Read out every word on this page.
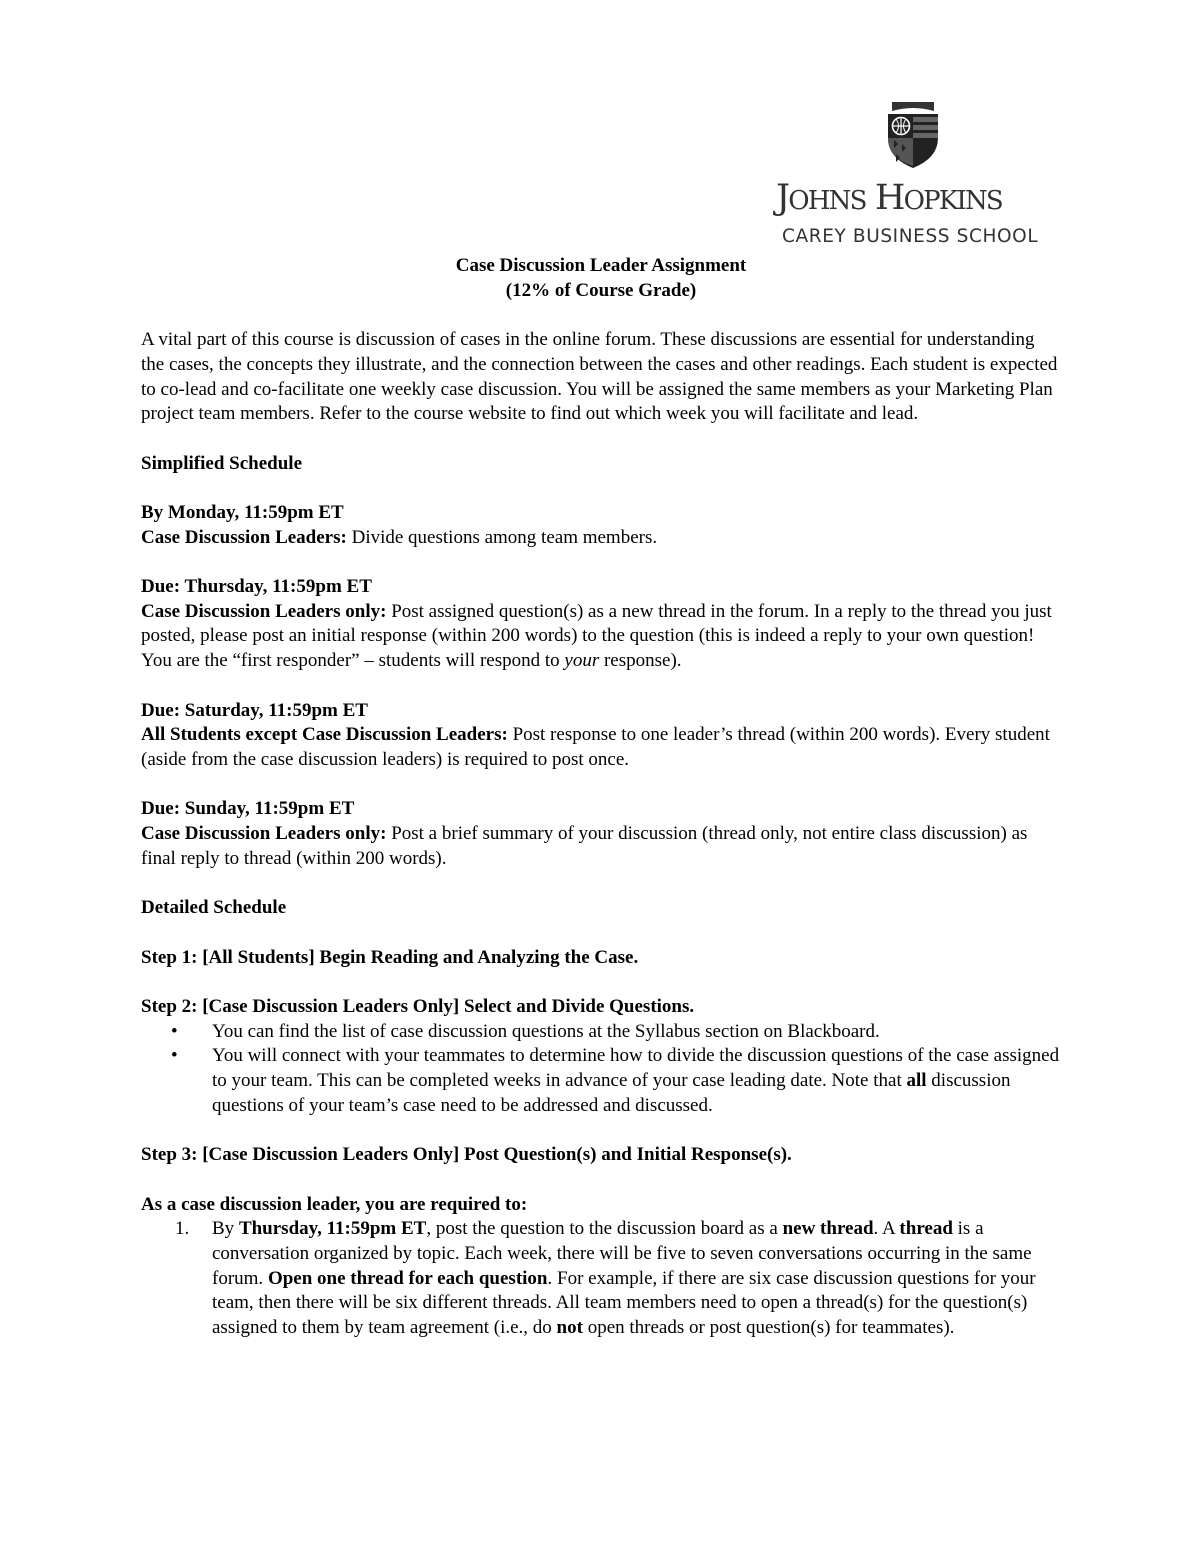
JOHNS HOPKINS
CAREY BUSINESS SCHOOL

Case Discussion Leader Assignment

(12% of Course Grade)

A vital part of this course is discussion of cases in the online forum. These discussions are essential for understanding the cases, the concepts they illustrate, and the connection between the cases and other readings. Each student is expected to co-lead and co-facilitate one weekly case discussion. You will be assigned the same members as your Marketing Plan project team members. Refer to the course website to find out which week you will facilitate and lead.

Simplified Schedule

By Monday, 11:59pm ET

Case Discussion Leaders: Divide questions among team members.

Due: Thursday, 11:59pm ET

Case Discussion Leaders only: Post assigned question(s) as a new thread in the forum. In a reply to the thread you just posted, please post an initial response (within 200 words) to the question (this is indeed a reply to your own question! You are the “first responder” – students will respond to your response).

Due: Saturday, 11:59pm ET

All Students except Case Discussion Leaders: Post response to one leader’s thread (within 200 words). Every student (aside from the case discussion leaders) is required to post once.

Due: Sunday, 11:59pm ET

Case Discussion Leaders only: Post a brief summary of your discussion (thread only, not entire class discussion) as final reply to thread (within 200 words).

Detailed Schedule

Step 1: [All Students] Begin Reading and Analyzing the Case.

Step 2: [Case Discussion Leaders Only] Select and Divide Questions.

• You can find the list of case discussion questions at the Syllabus section on Blackboard.
• You will connect with your teammates to determine how to divide the discussion questions of the case assigned to your team. This can be completed weeks in advance of your case leading date. Note that all discussion questions of your team’s case need to be addressed and discussed.

Step 3: [Case Discussion Leaders Only] Post Question(s) and Initial Response(s).

As a case discussion leader, you are required to:

1. By Thursday, 11:59pm ET, post the question to the discussion board as a new thread. A thread is a conversation organized by topic. Each week, there will be five to seven conversations occurring in the same forum. Open one thread for each question. For example, if there are six case discussion questions for your team, then there will be six different threads. All team members need to open a thread(s) for the question(s) assigned to them by team agreement (i.e., do not open threads or post question(s) for teammates).
